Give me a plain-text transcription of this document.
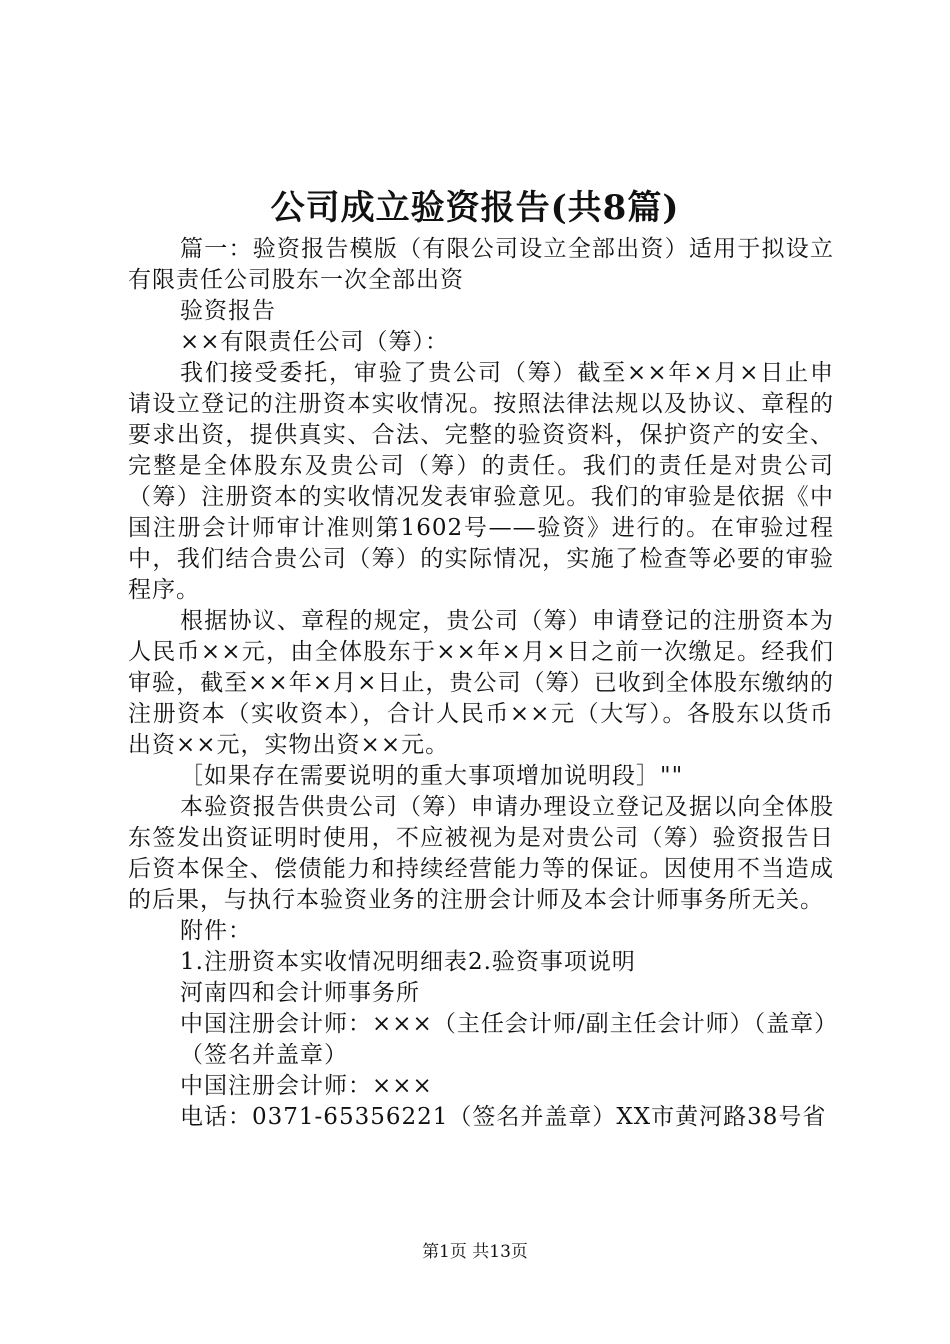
公司成立验资报告(共8篇)

篇一：验资报告模版（有限公司设立全部出资）适用于拟设立有限责任公司股东一次全部出资

验资报告

××有限责任公司（筹）：

我们接受委托，审验了贵公司（筹）截至××年×月×日止申请设立登记的注册资本实收情况。按照法律法规以及协议、章程的要求出资，提供真实、合法、完整的验资资料，保护资产的安全、完整是全体股东及贵公司（筹）的责任。我们的责任是对贵公司（筹）注册资本的实收情况发表审验意见。我们的审验是依据《中国注册会计师审计准则第1602号——验资》进行的。在审验过程中，我们结合贵公司（筹）的实际情况，实施了检查等必要的审验程序。

根据协议、章程的规定，贵公司（筹）申请登记的注册资本为人民币××元，由全体股东于××年×月×日之前一次缴足。经我们审验，截至××年×月×日止，贵公司（筹）已收到全体股东缴纳的注册资本（实收资本），合计人民币××元（大写）。各股东以货币出资××元，实物出资××元。

［如果存在需要说明的重大事项增加说明段］""

本验资报告供贵公司（筹）申请办理设立登记及据以向全体股东签发出资证明时使用，不应被视为是对贵公司（筹）验资报告日后资本保全、偿债能力和持续经营能力等的保证。因使用不当造成的后果，与执行本验资业务的注册会计师及本会计师事务所无关。

附件：

1.注册资本实收情况明细表2.验资事项说明

河南四和会计师事务所

中国注册会计师：×××（主任会计师/副主任会计师）（盖章）

（签名并盖章）

中国注册会计师：×××

电话：0371-65356221（签名并盖章）XX市黄河路38号省

第1页 共13页
